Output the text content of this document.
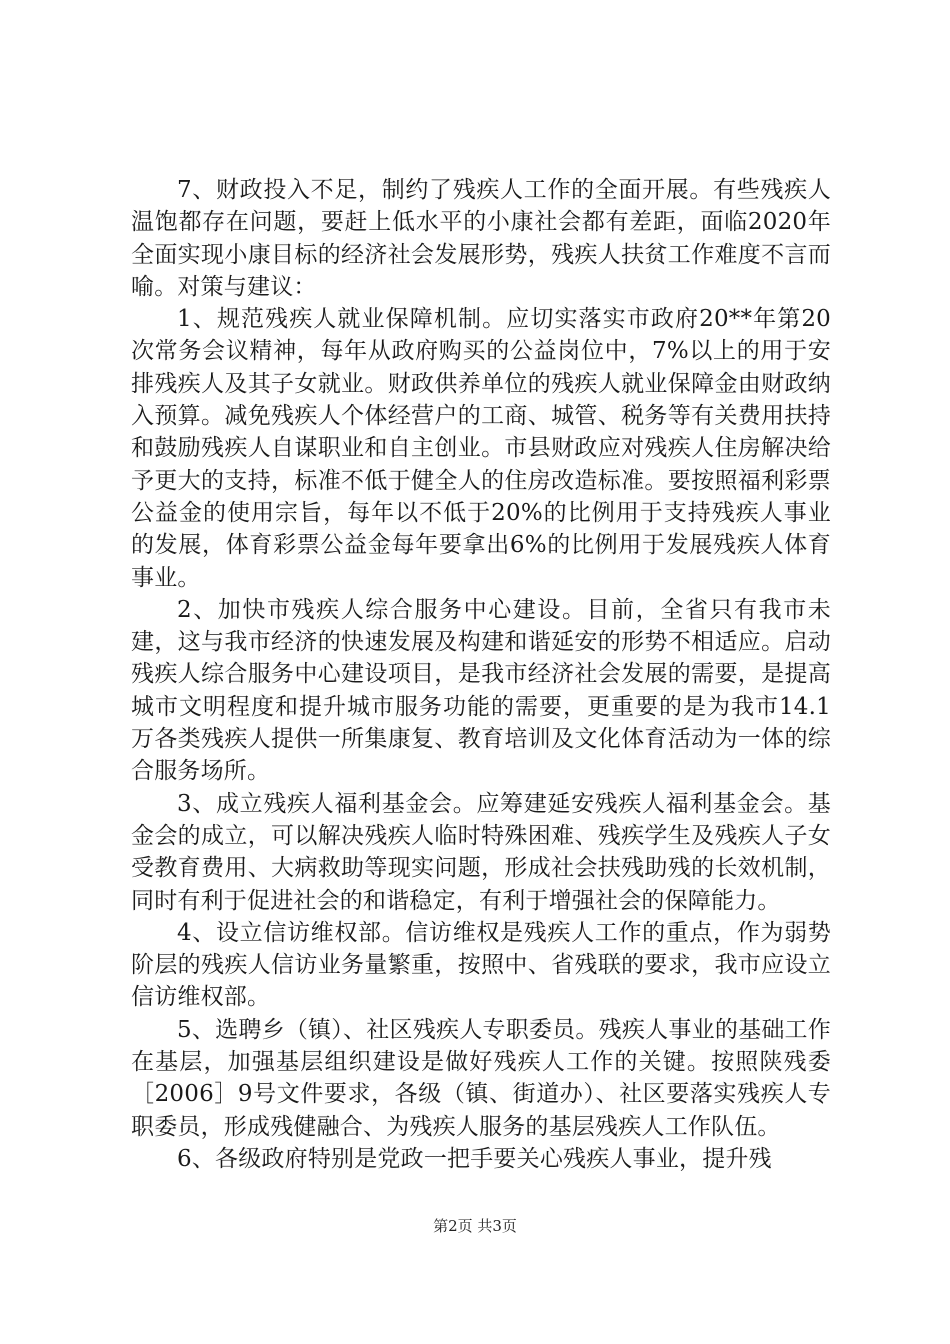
7、财政投入不足，制约了残疾人工作的全面开展。有些残疾人温饱都存在问题，要赶上低水平的小康社会都有差距，面临2020年全面实现小康目标的经济社会发展形势，残疾人扶贫工作难度不言而喻。对策与建议：

1、规范残疾人就业保障机制。应切实落实市政府20**年第20次常务会议精神，每年从政府购买的公益岗位中，7%以上的用于安排残疾人及其子女就业。财政供养单位的残疾人就业保障金由财政纳入预算。减免残疾人个体经营户的工商、城管、税务等有关费用扶持和鼓励残疾人自谋职业和自主创业。市县财政应对残疾人住房解决给予更大的支持，标准不低于健全人的住房改造标准。要按照福利彩票公益金的使用宗旨，每年以不低于20%的比例用于支持残疾人事业的发展，体育彩票公益金每年要拿出6%的比例用于发展残疾人体育事业。

2、加快市残疾人综合服务中心建设。目前，全省只有我市未建，这与我市经济的快速发展及构建和谐延安的形势不相适应。启动残疾人综合服务中心建设项目，是我市经济社会发展的需要，是提高城市文明程度和提升城市服务功能的需要，更重要的是为我市14.1万各类残疾人提供一所集康复、教育培训及文化体育活动为一体的综合服务场所。

3、成立残疾人福利基金会。应筹建延安残疾人福利基金会。基金会的成立，可以解决残疾人临时特殊困难、残疾学生及残疾人子女受教育费用、大病救助等现实问题，形成社会扶残助残的长效机制，同时有利于促进社会的和谐稳定，有利于增强社会的保障能力。

4、设立信访维权部。信访维权是残疾人工作的重点，作为弱势阶层的残疾人信访业务量繁重，按照中、省残联的要求，我市应设立信访维权部。

5、选聘乡（镇）、社区残疾人专职委员。残疾人事业的基础工作在基层，加强基层组织建设是做好残疾人工作的关键。按照陕残委［2006］9号文件要求，各级（镇、街道办）、社区要落实残疾人专职委员，形成残健融合、为残疾人服务的基层残疾人工作队伍。

6、各级政府特别是党政一把手要关心残疾人事业，提升残

第2页 共3页
